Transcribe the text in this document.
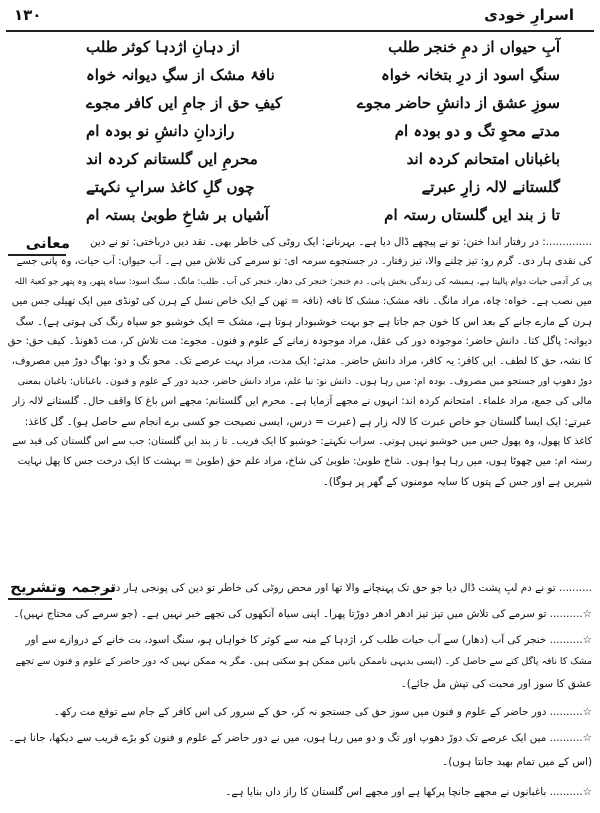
۱۳۰	اسرارِ خودی
آبِ حیواں از دمِ خنجر طلب
از دہانِ اژدہا کوثر طلب
سنگِ اسود از درِ بتخانہ خواہ
نافۂ مشک از سگِ دیوانہ خواہ
سوزِ عشق از دانشِ حاضر مجوے
کیفِ حق از جامِ ایں کافر مجوے
مدتے محوِ تگ و دو بودہ ام
رازدانِ دانشِ نو بودہ ام
باغباناں امتحانم کردہ اند
محرمِ ایں گلستانم کردہ اند
گلستانے لالہ زارِ عبرتے
چوں گلِ کاغذ سرابِ نکہتے
تا ز بند ایں گلستاں رستہ ام
آشیاں بر شاخِ طوبیٰ بستہ ام
معانی ..............: در رفتار اندا ختن: تو نے پیچھے ڈال دیا ہے۔ بہرنانے: ایک روٹی کی خاطر بھی۔ نقد دیں درباختی: تو نے دین
کی نقدی ہار دی۔ گرم رو: تیز چلنے والا، تیز رفتار۔ در جستجوے سرمہ ای: تو سرمے کی تلاش میں ہے۔ آب حیواں: آب حیات، وہ پانی جسے
پی کر آدمی حیات دوام پالیتا ہے، ہمیشہ کی زندگی بخش پانی۔ دم خنجر: خنجر کی دھار، خنجر کی آب۔ طلب: مانگ۔ سنگ اسود: سیاہ پتھر، وہ پتھر جو کعبۃ اللہ
میں نصب ہے۔ خواہ: چاہ، مراد مانگ۔ نافہ مشک: مشک کا نافہ (نافہ = تھن کے ایک خاص نسل کے ہرن کی ٹونڈی میں ایک تھیلی جس میں
ہرن کے مارے جانے کے بعد اس کا خون جم جاتا ہے جو بہت خوشبودار ہوتا ہے، مشک = ایک خوشبو جو سیاہ رنگ کی ہوتی ہے)۔ سگ
دیوانہ: پاگل کتا۔ دانش حاضر: موجودہ دور کی عقل، مراد موجودہ زمانے کے علوم و فنون۔ مجوے: مت تلاش کر، مت ڈھونڈ۔ کیف حق: حق
کا نشہ، حق کا لطف۔ ایں کافر: یہ کافر، مراد دانش حاضر۔ مدتے: ایک مدت، مراد بہت عرصے تک۔ محو تگ و دو: بھاگ دوڑ میں مصروف،
دوڑ دھوپ اور جستجو میں مصروف۔ بودہ ام: میں رہا ہوں۔ دانش نو: نیا علم، مراد دانش حاضر، جدید دور کے علوم و فنون۔ باغباناں: باغبان بمعنی
مالی کی جمع، مراد علماء۔ امتحانم کردہ اند: انہوں نے مجھے آزمایا ہے۔ محرم ایں گلستانم: مجھے اس باغ کا واقف حال۔ گلستانے لالہ زار
عبرتے: ایک ایسا گلستان جو خاص عبرت کا لالہ زار ہے (عبرت = درس، ایسی نصیحت جو کسی برے انجام سے حاصل ہو)۔ گل کاغذ:
کاغذ کا پھول، وہ پھول جس میں خوشبو نہیں ہوتی۔ سراب نکہتے: خوشبو کا ایک فریب۔ تا ز بند ایں گلستان: جب سے اس گلستان کی قید سے
رستہ ام: میں چھوٹا ہوں، میں رہا ہوا ہوں۔ شاخ طوبیٰ: طوبیٰ کی شاخ، مراد علم حق (طوبیٰ = بہشت کا ایک درخت جس کا پھل نہایت
شیریں ہے اور جس کے پتوں کا سایہ مومنوں کے گھر پر ہوگا)۔
ترجمہ وتشریح
.......... تو نے دم لبِ پشت ڈال دیا جو حق تک پہنچانے والا تھا اور محض روٹی کی خاطر تو دین کی پونجی ہار دی۔
☆.......... تو سرمے کی تلاش میں تیز تیز ادھر ادھر دوڑتا پھرا۔ اپنی سیاہ آنکھوں کی تجھے خبر نہیں ہے۔ (جو سرمے کی محتاج نہیں)۔
☆.......... خنجر کی آب (دھار) سے آب حیات طلب کر، اژدہا کے منہ سے کوثر کا خواہاں ہو، سنگ اسود، بت خانے کے دروازے سے اور
مشک کا نافہ پاگل کتے سے حاصل کر۔ (ایسی بدیہی ناممکن باتیں ممکن ہو سکتی ہیں۔ مگر یہ ممکن نہیں کہ دور حاضر کے علوم و فنون سے تجھے
عشق کا سوز اور محبت کی تپش مل جائے)۔
☆.......... دور حاضر کے علوم و فنون میں سوز حق کی جستجو نہ کر، حق کے سرور کی اس کافر کے جام سے توقع مت رکھ۔
☆.......... میں ایک عرصے تک دوڑ دھوپ اور تگ و دو میں رہا ہوں، میں نے دور حاضر کے علوم و فنون کو بڑے قریب سے دیکھا، جانا ہے۔
(اس کے میں تمام بھید جانتا ہوں)۔
☆.......... باغبانوں نے مجھے جانچا پرکھا ہے اور مجھے اس گلستان کا راز داں بنایا ہے۔
